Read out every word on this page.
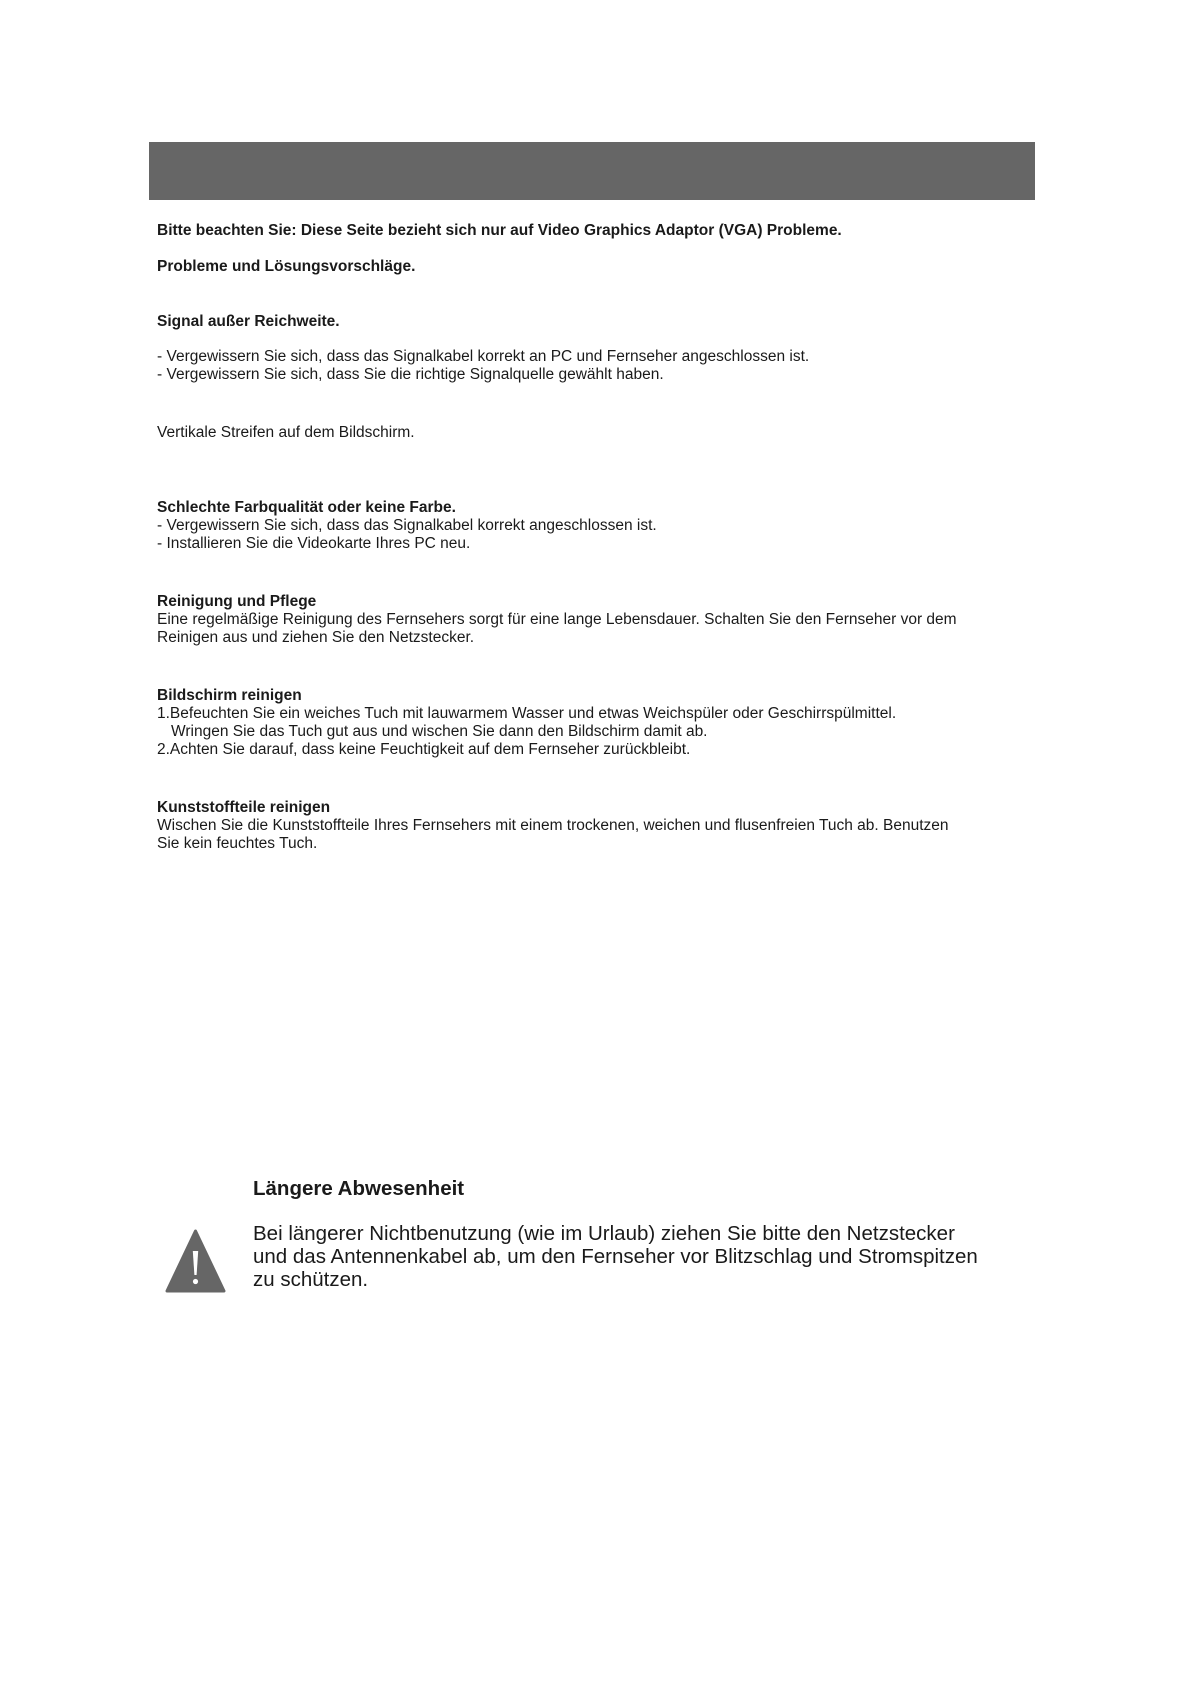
Bitte beachten Sie: Diese Seite bezieht sich nur auf Video Graphics Adaptor (VGA) Probleme.

Probleme und Lösungsvorschläge.

Signal außer Reichweite.

- Vergewissern Sie sich, dass das Signalkabel korrekt an PC und Fernseher angeschlossen ist.

- Vergewissern Sie sich, dass Sie die richtige Signalquelle gewählt haben.

Vertikale Streifen auf dem Bildschirm.

Schlechte Farbqualität oder keine Farbe.

- Vergewissern Sie sich, dass das Signalkabel korrekt angeschlossen ist.

- Installieren Sie die Videokarte Ihres PC neu.

Reinigung und Pflege

Eine regelmäßige Reinigung des Fernsehers sorgt für eine lange Lebensdauer. Schalten Sie den Fernseher vor dem

Reinigen aus und ziehen Sie den Netzstecker.

Bildschirm reinigen

1.Befeuchten Sie ein weiches Tuch mit lauwarmem Wasser und etwas Weichspüler oder Geschirrspülmittel.

Wringen Sie das Tuch gut aus und wischen Sie dann den Bildschirm damit ab.

2.Achten Sie darauf, dass keine Feuchtigkeit auf dem Fernseher zurückbleibt.

Kunststoffteile reinigen

Wischen Sie die Kunststoffteile Ihres Fernsehers mit einem trockenen, weichen und flusenfreien Tuch ab. Benutzen

Sie kein feuchtes Tuch.

Längere Abwesenheit

Bei längerer Nichtbenutzung (wie im Urlaub) ziehen Sie bitte den Netzstecker
und das Antennenkabel ab, um den Fernseher vor Blitzschlag und Stromspitzen
zu schützen.
